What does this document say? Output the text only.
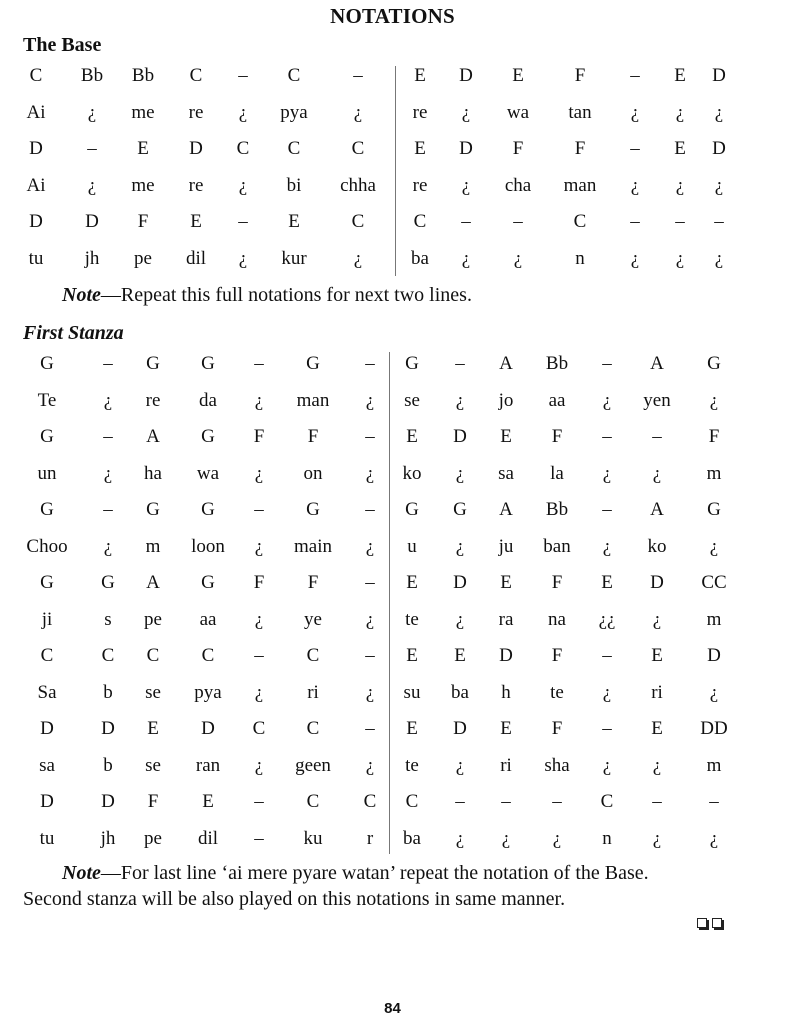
NOTATIONS
The Base
C Bb Bb C – C	–	E D E	F – E D
Ai ¿ me re ¿ pya ¿	re ¿ wa tan ¿ ¿ ¿
D – E D C C	C	E D F	F – E D
Ai ¿ me re ¿ bi chha re ¿ cha man ¿ ¿ ¿
D D F E – E	C	C – –	C – – –
tu jh pe dil ¿ kur ¿	ba ¿ ¿	n ¿ ¿ ¿
Note—Repeat this full notations for next two lines.
First Stanza
G	– G G – G – G – A Bb – A G
Te ¿ re da ¿ man ¿ se ¿ jo aa ¿ yen ¿
G	– A G F F – E D E F – – F
un ¿ ha wa ¿ on ¿ ko ¿ sa la ¿ ¿ m
G	– G G – G – G G A Bb – A G
Choo ¿ m loon ¿ main ¿ u ¿ ju ban ¿ ko ¿
G G A G F F – E D E F E D CC
ji	s pe aa ¿ ye ¿ te ¿ ra na ¿¿ ¿ m
C	C C C – C – E E D F – E D
Sa b se pya ¿ ri ¿ su ba h te ¿ ri ¿
D D E D C C – E D E F – E DD
sa	b se ran ¿ geen ¿ te ¿ ri sha ¿ ¿ m
D D F E – C C C – – – C –	–
tu jh pe dil – ku r ba ¿ ¿ ¿ n ¿	¿
Note—For last line ‘ai mere pyare watan’ repeat the notation of the Base.
Second stanza will be also played on this notations in same manner.
84
